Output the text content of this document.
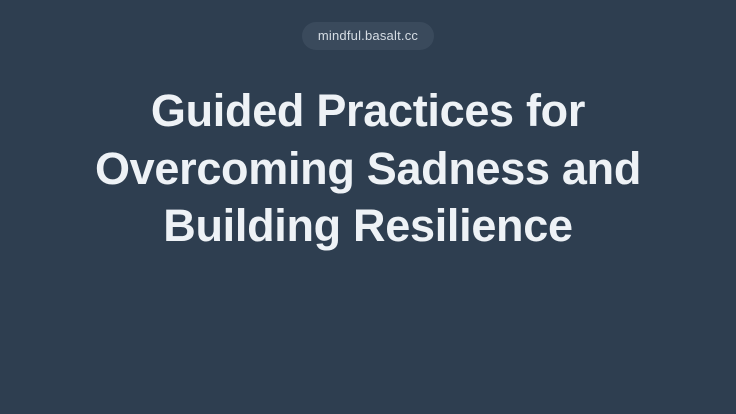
mindful.basalt.cc
Guided Practices for Overcoming Sadness and Building Resilience
